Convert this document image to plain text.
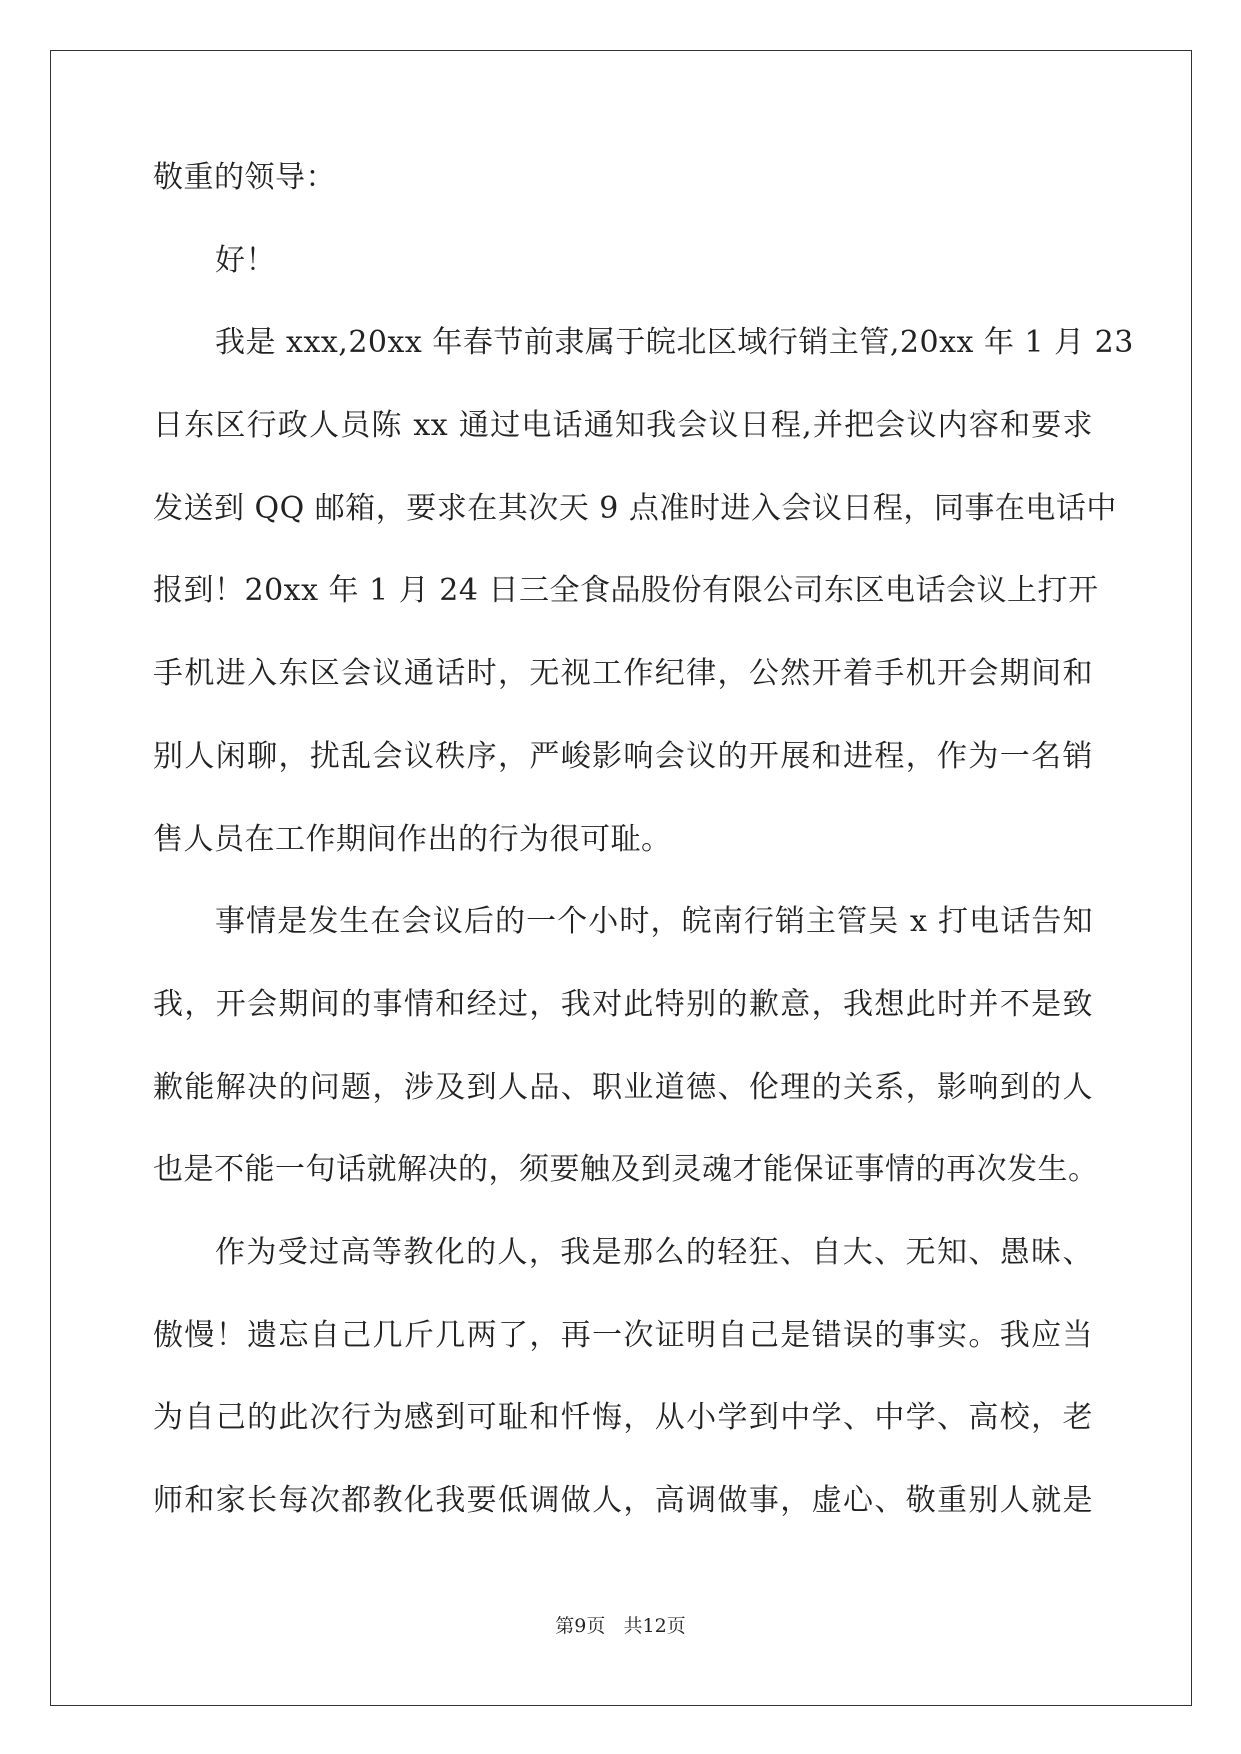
敬重的领导：
好！
我是 xxx,20xx 年春节前隶属于皖北区域行销主管,20xx 年 1 月 23
日东区行政人员陈 xx 通过电话通知我会议日程,并把会议内容和要求
发送到 QQ 邮箱，要求在其次天 9 点准时进入会议日程，同事在电话中
报到！20xx 年 1 月 24 日三全食品股份有限公司东区电话会议上打开
手机进入东区会议通话时，无视工作纪律，公然开着手机开会期间和
别人闲聊，扰乱会议秩序，严峻影响会议的开展和进程，作为一名销
售人员在工作期间作出的行为很可耻。
事情是发生在会议后的一个小时，皖南行销主管吴 x 打电话告知
我，开会期间的事情和经过，我对此特别的歉意，我想此时并不是致
歉能解决的问题，涉及到人品、职业道德、伦理的关系，影响到的人
也是不能一句话就解决的，须要触及到灵魂才能保证事情的再次发生。
作为受过高等教化的人，我是那么的轻狂、自大、无知、愚昧、
傲慢！遗忘自己几斤几两了，再一次证明自己是错误的事实。我应当
为自己的此次行为感到可耻和忏悔，从小学到中学、中学、高校，老
师和家长每次都教化我要低调做人，高调做事，虚心、敬重别人就是
第9页 共12页
